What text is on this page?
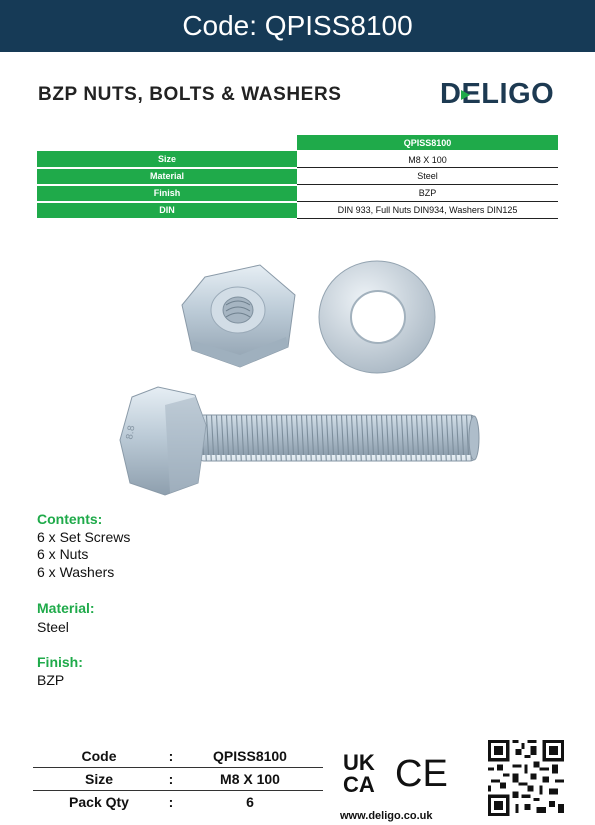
Code: QPISS8100
BZP NUTS, BOLTS & WASHERS	DELIGO
	QPISS8100
Size	M8 X 100
Material	Steel
Finish	BZP
DIN	DIN 933, Full Nuts DIN934, Washers DIN125
8.8
Contents:
6 x Set Screws
6 x Nuts
6 x Washers
Material:
Steel
Finish:
BZP
Code	:	QPISS8100
Size	:	M8 X 100
Pack Qty	:	6
UK
CA CE
www.deligo.co.uk
